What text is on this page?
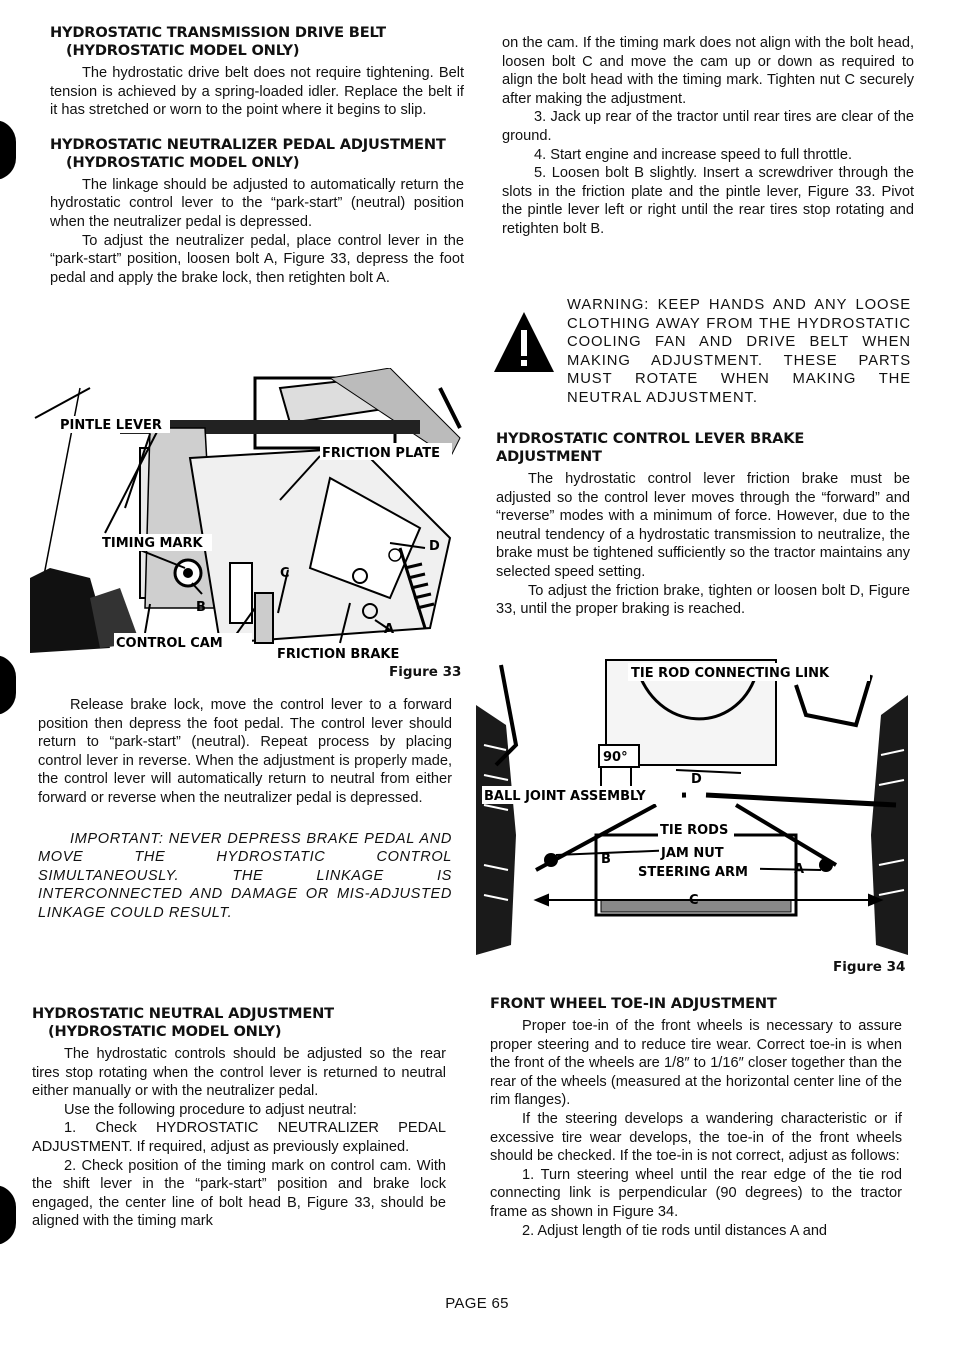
HYDROSTATIC TRANSMISSION DRIVE BELT
(HYDROSTATIC MODEL ONLY)

The hydrostatic drive belt does not require tightening. Belt tension is achieved by a spring-loaded idler. Replace the belt if it has stretched or worn to the point where it begins to slip.

HYDROSTATIC NEUTRALIZER PEDAL ADJUSTMENT
(HYDROSTATIC MODEL ONLY)

The linkage should be adjusted to automatically return the hydrostatic control lever to the “park-start” (neutral) position when the neutralizer pedal is depressed.

To adjust the neutralizer pedal, place control lever in the “park-start” position, loosen bolt A, Figure 33, depress the foot pedal and apply the brake lock, then retighten bolt A.

PINTLE LEVER
FRICTION PLATE
TIMING MARK	D
C
B
A
CONTROL CAM
FRICTION BRAKE
Figure 33

Release brake lock, move the control lever to a forward position then depress the foot pedal. The control lever should return to “park-start” (neutral). Repeat process by placing control lever in reverse. When the adjustment is properly made, the control lever will automatically return to neutral from either forward or reverse when the neutralizer pedal is depressed.

IMPORTANT: NEVER DEPRESS BRAKE PEDAL AND MOVE THE HYDROSTATIC CONTROL SIMULTANEOUSLY. THE LINKAGE IS INTERCONNECTED AND DAMAGE OR MIS-ADJUSTED LINKAGE COULD RESULT.

HYDROSTATIC NEUTRAL ADJUSTMENT
(HYDROSTATIC MODEL ONLY)

The hydrostatic controls should be adjusted so the rear tires stop rotating when the control lever is returned to neutral either manually or with the neutralizer pedal.

Use the following procedure to adjust neutral:

1. Check HYDROSTATIC NEUTRALIZER PEDAL ADJUSTMENT. If required, adjust as previously explained.

2. Check position of the timing mark on control cam. With the shift lever in the “park-start” position and brake lock engaged, the center line of bolt head B, Figure 33, should be aligned with the timing mark

on the cam. If the timing mark does not align with the bolt head, loosen bolt C and move the cam up or down as required to align the bolt head with the timing mark. Tighten nut C securely after making the adjustment.

3. Jack up rear of the tractor until rear tires are clear of the ground.

4. Start engine and increase speed to full throttle.

5. Loosen bolt B slightly. Insert a screwdriver through the slots in the friction plate and the pintle lever, Figure 33. Pivot the pintle lever left or right until the rear tires stop rotating and retighten bolt B.

WARNING: KEEP HANDS AND ANY LOOSE CLOTHING AWAY FROM THE HYDROSTATIC COOLING FAN AND DRIVE BELT WHEN MAKING ADJUSTMENT. THESE PARTS MUST ROTATE WHEN MAKING THE NEUTRAL ADJUSTMENT.
HYDROSTATIC CONTROL LEVER BRAKE ADJUSTMENT

The hydrostatic control lever friction brake must be adjusted so the control lever moves through the “forward” and “reverse” modes with a minimum of force. However, due to the neutral tendency of a hydrostatic transmission to neutralize, the brake must be tightened sufficiently so the tractor maintains any selected speed setting.

To adjust the friction brake, tighten or loosen bolt D, Figure 33, until the proper braking is reached.

TIE ROD CONNECTING LINK
90°
D
BALL JOINT ASSEMBLY
TIE RODS
B	JAM NUT
STEERING ARM	A
C
Figure 34
FRONT WHEEL TOE-IN ADJUSTMENT

Proper toe-in of the front wheels is necessary to assure proper steering and to reduce tire wear. Correct toe-in is when the front of the wheels are 1/8″ to 1/16″ closer together than the rear of the wheels (measured at the horizontal center line of the rim flanges).

If the steering develops a wandering characteristic or if excessive tire wear develops, the toe-in of the front wheels should be checked. If the toe-in is not correct, adjust as follows:

1. Turn steering wheel until the rear edge of the tie rod connecting link is perpendicular (90 degrees) to the tractor frame as shown in Figure 34.

2. Adjust length of tie rods until distances A and

PAGE 65
